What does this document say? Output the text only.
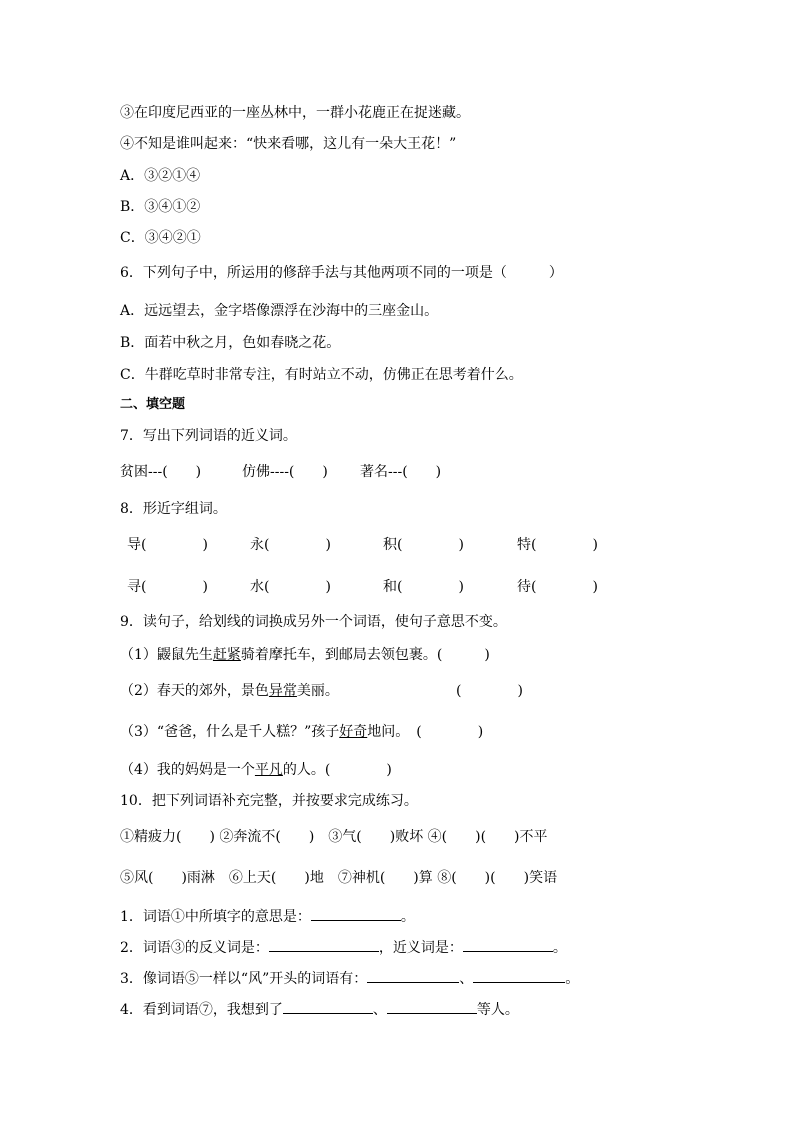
③在印度尼西亚的一座丛林中，一群小花鹿正在捉迷藏。
④不知是谁叫起来：“快来看哪，这儿有一朵大王花！”
A．③②①④
B．③④①②
C．③④②①
6．下列句子中，所运用的修辞手法与其他两项不同的一项是（　　　）
A．远远望去，金字塔像漂浮在沙海中的三座金山。
B．面若中秋之月，色如春晓之花。
C．牛群吃草时非常专注，有时站立不动，仿佛正在思考着什么。
二、填空题
7．写出下列词语的近义词。
贫困---(　　)	仿佛----(　　) 著名---(　　)
8．形近字组词。
导(　　　　)	永(　　　　)	积(　　　　)	特(　　　　)
寻(　　　　)	水(　　　　)	和(　　　　)	待(　　　　)
9．读句子，给划线的词换成另外一个词语，使句子意思不变。
（1）鼹鼠先生赶紧骑着摩托车，到邮局去领包裹。(　　　)
（2）春天的郊外，景色异常美丽。	(　　　　)
（3）“爸爸，什么是千人糕？”孩子好奇地问。　(　　　　)
（4）我的妈妈是一个平凡的人。(　　　　)
10．把下列词语补充完整，并按要求完成练习。
①精疲力(　　) ②奔流不(　　)　③气(　　)败坏 ④(　　)(　　)不平
⑤风(　　)雨淋　⑥上天(　　)地　⑦神机(　　)算 ⑧(　　)(　　)笑语
1．词语①中所填字的意思是：	。
2．词语③的反义词是：	，近义词是：	。
3．像词语⑤一样以“风”开头的词语有：	、	。
4．看到词语⑦，我想到了	、	等人。
